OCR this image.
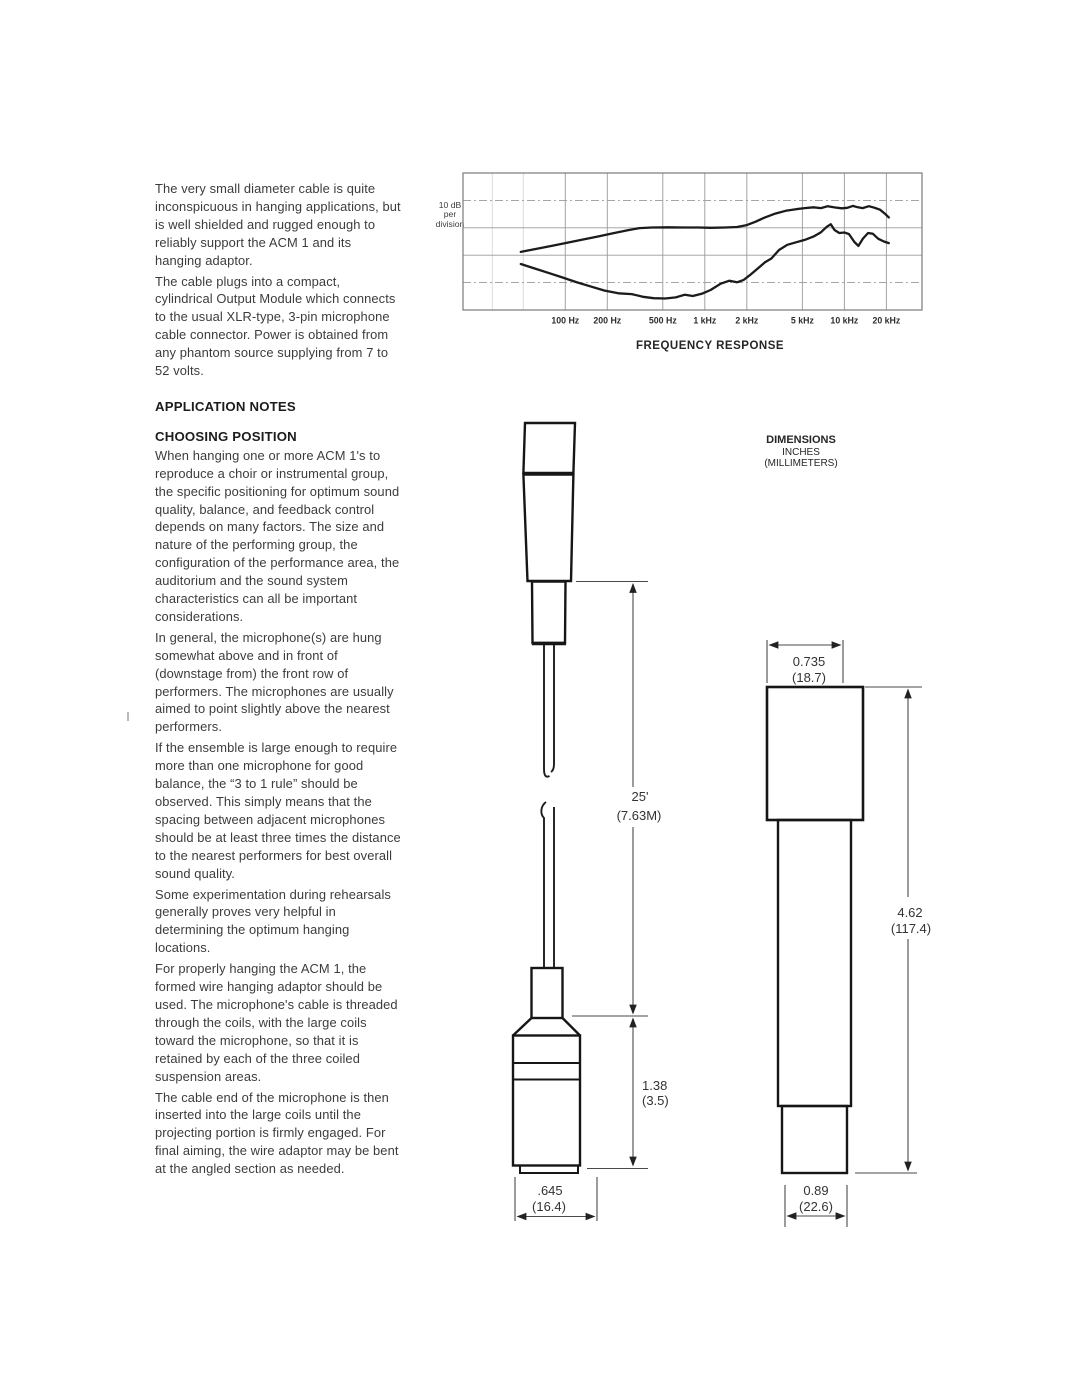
The very small diameter cable is quite inconspicuous in hanging applications, but is well shielded and rugged enough to reliably support the ACM 1 and its hanging adaptor.
The cable plugs into a compact, cylindrical Output Module which connects to the usual XLR-type, 3-pin microphone cable connector. Power is obtained from any phantom source supplying from 7 to 52 volts.
APPLICATION NOTES
CHOOSING POSITION
When hanging one or more ACM 1's to reproduce a choir or instrumental group, the specific positioning for optimum sound quality, balance, and feedback control depends on many factors. The size and nature of the performing group, the configuration of the performance area, the auditorium and the sound system characteristics can all be important considerations.
In general, the microphone(s) are hung somewhat above and in front of (downstage from) the front row of performers. The microphones are usually aimed to point slightly above the nearest performers.
If the ensemble is large enough to require more than one microphone for good balance, the “3 to 1 rule” should be observed. This simply means that the spacing between adjacent microphones should be at least three times the distance to the nearest performers for best overall sound quality.
Some experimentation during rehearsals generally proves very helpful in determining the optimum hanging locations.
For properly hanging the ACM 1, the formed wire hanging adaptor should be used. The microphone's cable is threaded through the coils, with the large coils toward the microphone, so that it is retained by each of the three coiled suspension areas.
The cable end of the microphone is then inserted into the large coils until the projecting portion is firmly engaged. For final aiming, the wire adaptor may be bent at the angled section as needed.
10 dB
per
division
100 Hz 200 Hz	500 Hz 1 kHz 2 kHz	5 kHz 10 kHz 20 kHz
FREQUENCY RESPONSE
DIMENSIONS
INCHES
(MILLIMETERS)
25'
(7.63M)
1.38
(3.5)
.645
(16.4)
0.735
(18.7)
4.62
(117.4)
0.89
(22.6)
